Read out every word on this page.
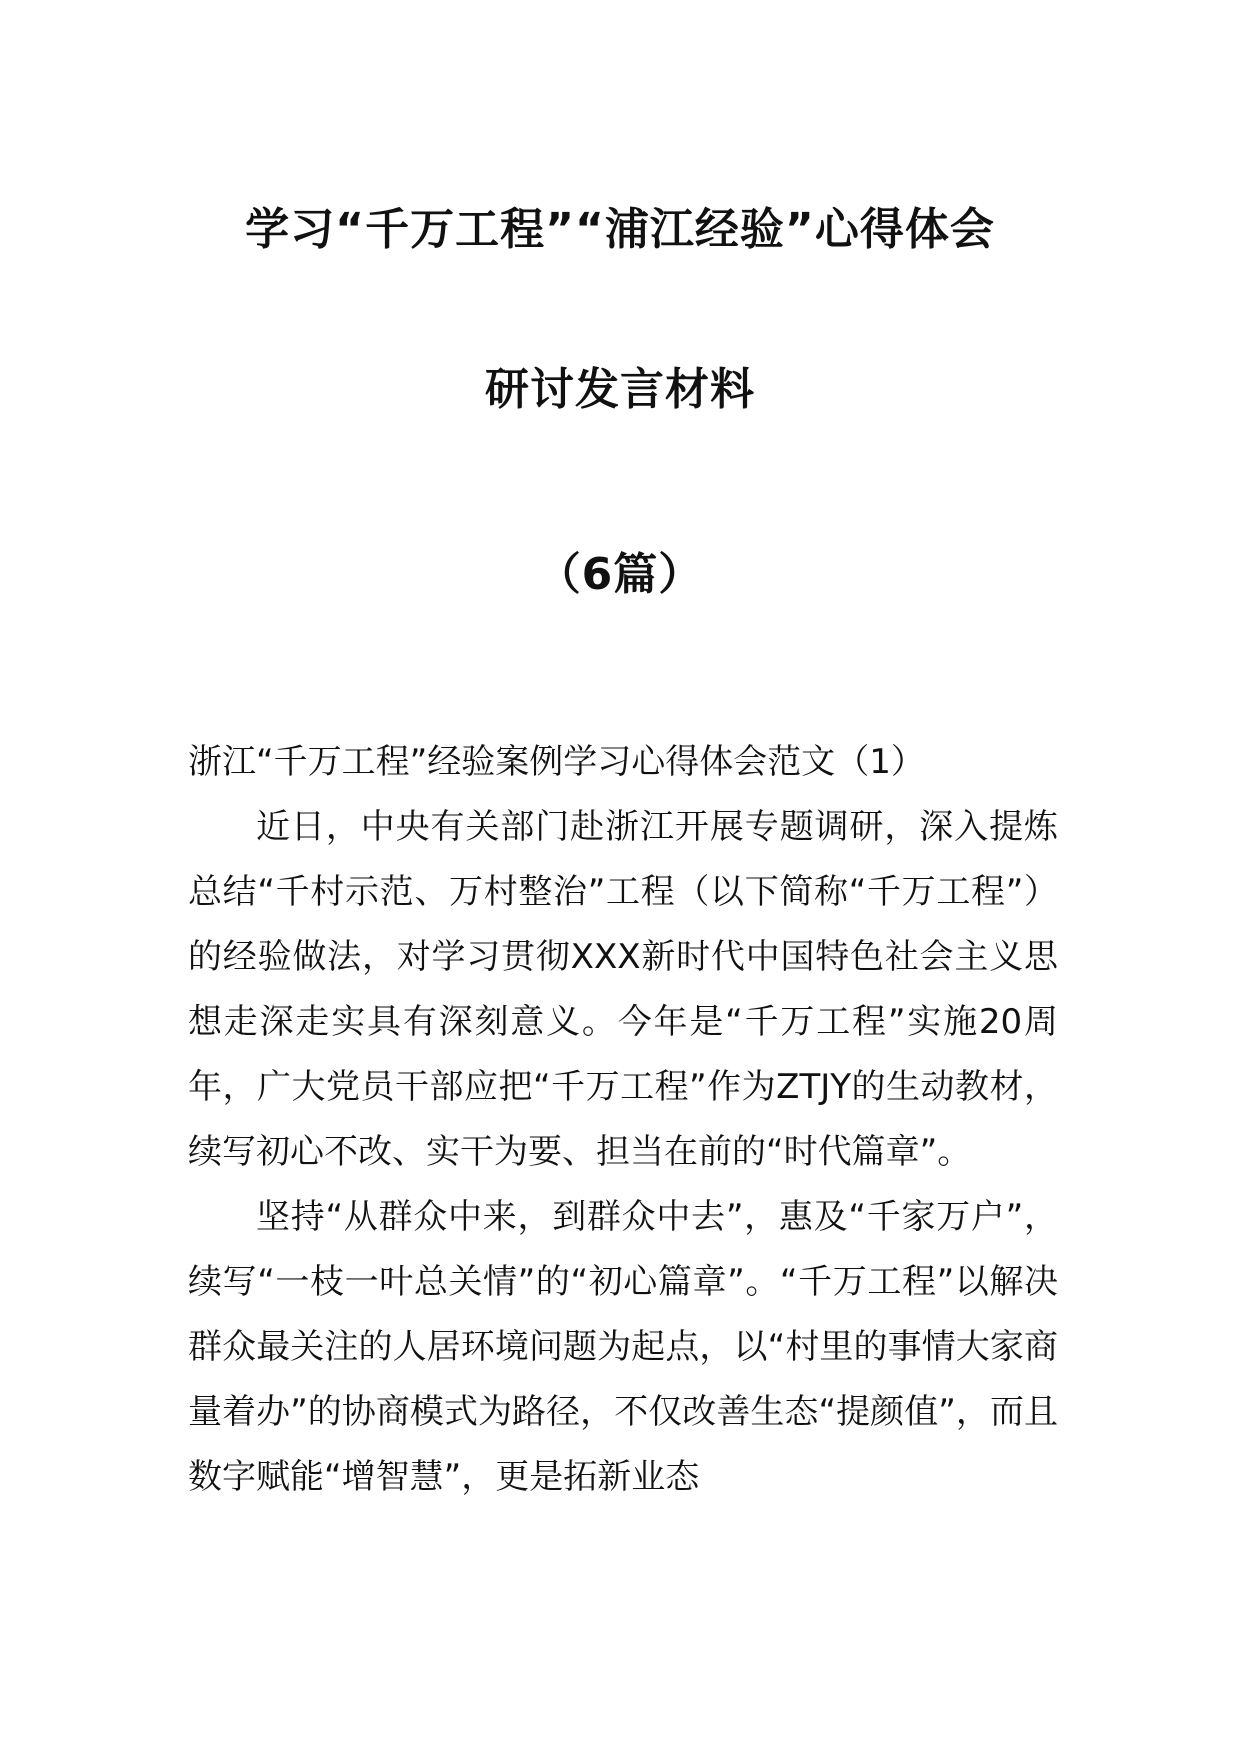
学习“千万工程”“浦江经验”心得体会
研讨发言材料
（6篇）
浙江“千万工程”经验案例学习心得体会范文（1）

近日，中央有关部门赴浙江开展专题调研，深入提炼总结“千村示范、万村整治”工程（以下简称“千万工程”）的经验做法，对学习贯彻XXX新时代中国特色社会主义思想走深走实具有深刻意义。今年是“千万工程”实施20周年，广大党员干部应把“千万工程”作为ZTJY的生动教材，续写初心不改、实干为要、担当在前的“时代篇章”。

坚持“从群众中来，到群众中去”，惠及“千家万户”，续写“一枝一叶总关情”的“初心篇章”。“千万工程”以解决群众最关注的人居环境问题为起点，以“村里的事情大家商量着办”的协商模式为路径，不仅改善生态“提颜值”，而且数字赋能“增智慧”，更是拓新业态
